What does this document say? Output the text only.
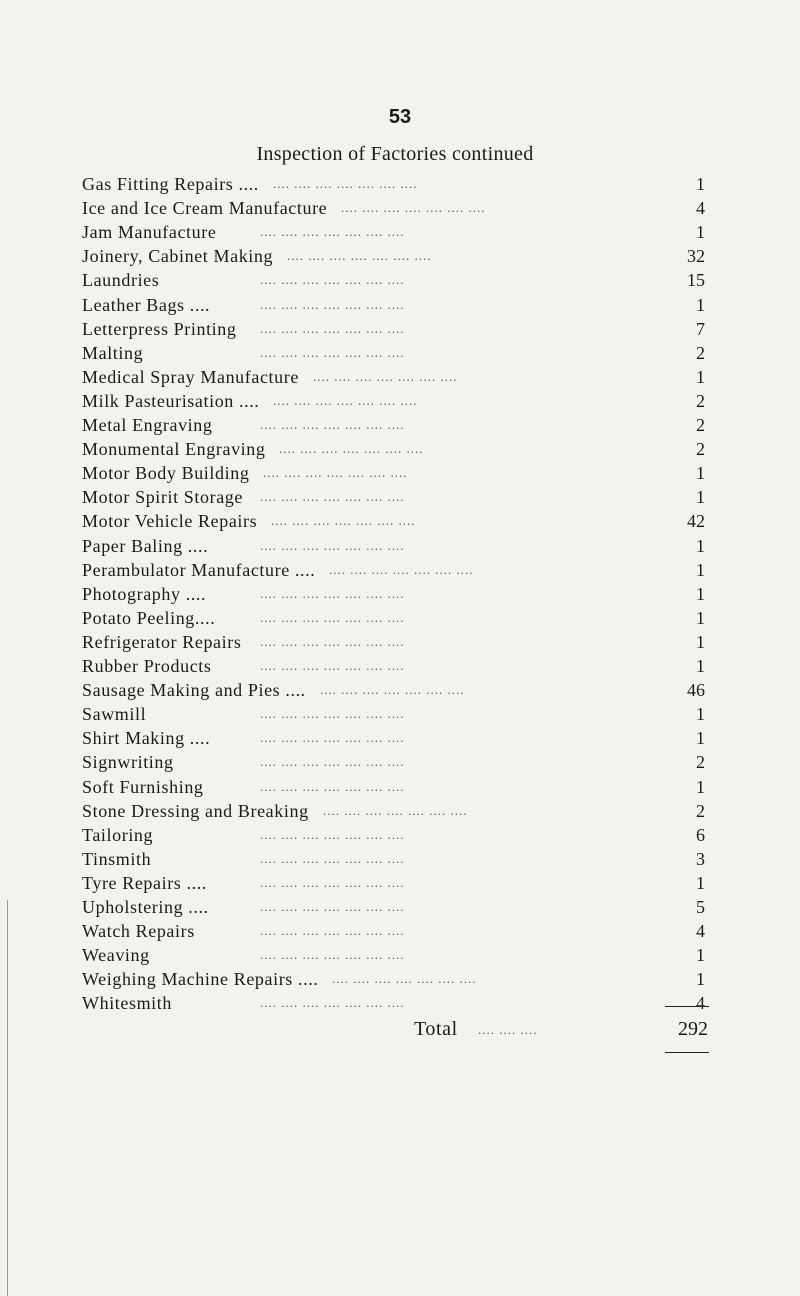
53
Inspection of Factories continued
.... .... .... .... .... .... ....
Gas Fitting Repairs ....	1
.... .... .... .... .... .... ....
Ice and Ice Cream Manufacture	4
.... .... .... .... .... .... ....
Jam Manufacture	1
.... .... .... .... .... .... ....
Joinery, Cabinet Making	32
.... .... .... .... .... .... ....
Laundries	15
.... .... .... .... .... .... ....
Leather Bags ....	1
.... .... .... .... .... .... ....
Letterpress Printing	7
.... .... .... .... .... .... ....
Malting	2
.... .... .... .... .... .... ....
Medical Spray Manufacture	1
.... .... .... .... .... .... ....
Milk Pasteurisation ....	2
.... .... .... .... .... .... ....
Metal Engraving	2
.... .... .... .... .... .... ....
Monumental Engraving	2
.... .... .... .... .... .... ....
Motor Body Building	1
.... .... .... .... .... .... ....
Motor Spirit Storage	1
.... .... .... .... .... .... ....
Motor Vehicle Repairs	42
.... .... .... .... .... .... ....
Paper Baling ....	1
.... .... .... .... .... .... ....
Perambulator Manufacture ....	1
.... .... .... .... .... .... ....
Photography ....	1
.... .... .... .... .... .... ....
Potato Peeling....	1
.... .... .... .... .... .... ....
Refrigerator Repairs	1
.... .... .... .... .... .... ....
Rubber Products	1
.... .... .... .... .... .... ....
Sausage Making and Pies ....	46
.... .... .... .... .... .... ....
Sawmill	1
.... .... .... .... .... .... ....
Shirt Making ....	1
.... .... .... .... .... .... ....
Signwriting	2
.... .... .... .... .... .... ....
Soft Furnishing	1
.... .... .... .... .... .... ....
Stone Dressing and Breaking	2
.... .... .... .... .... .... ....
Tailoring	6
.... .... .... .... .... .... ....
Tinsmith	3
.... .... .... .... .... .... ....
Tyre Repairs ....	1
.... .... .... .... .... .... ....
Upholstering ....	5
.... .... .... .... .... .... ....
Watch Repairs	4
.... .... .... .... .... .... ....
Weaving	1
.... .... .... .... .... .... ....
Weighing Machine Repairs ....	1
.... .... .... .... .... .... ....
Whitesmith	4
Total .... .... ....	292
